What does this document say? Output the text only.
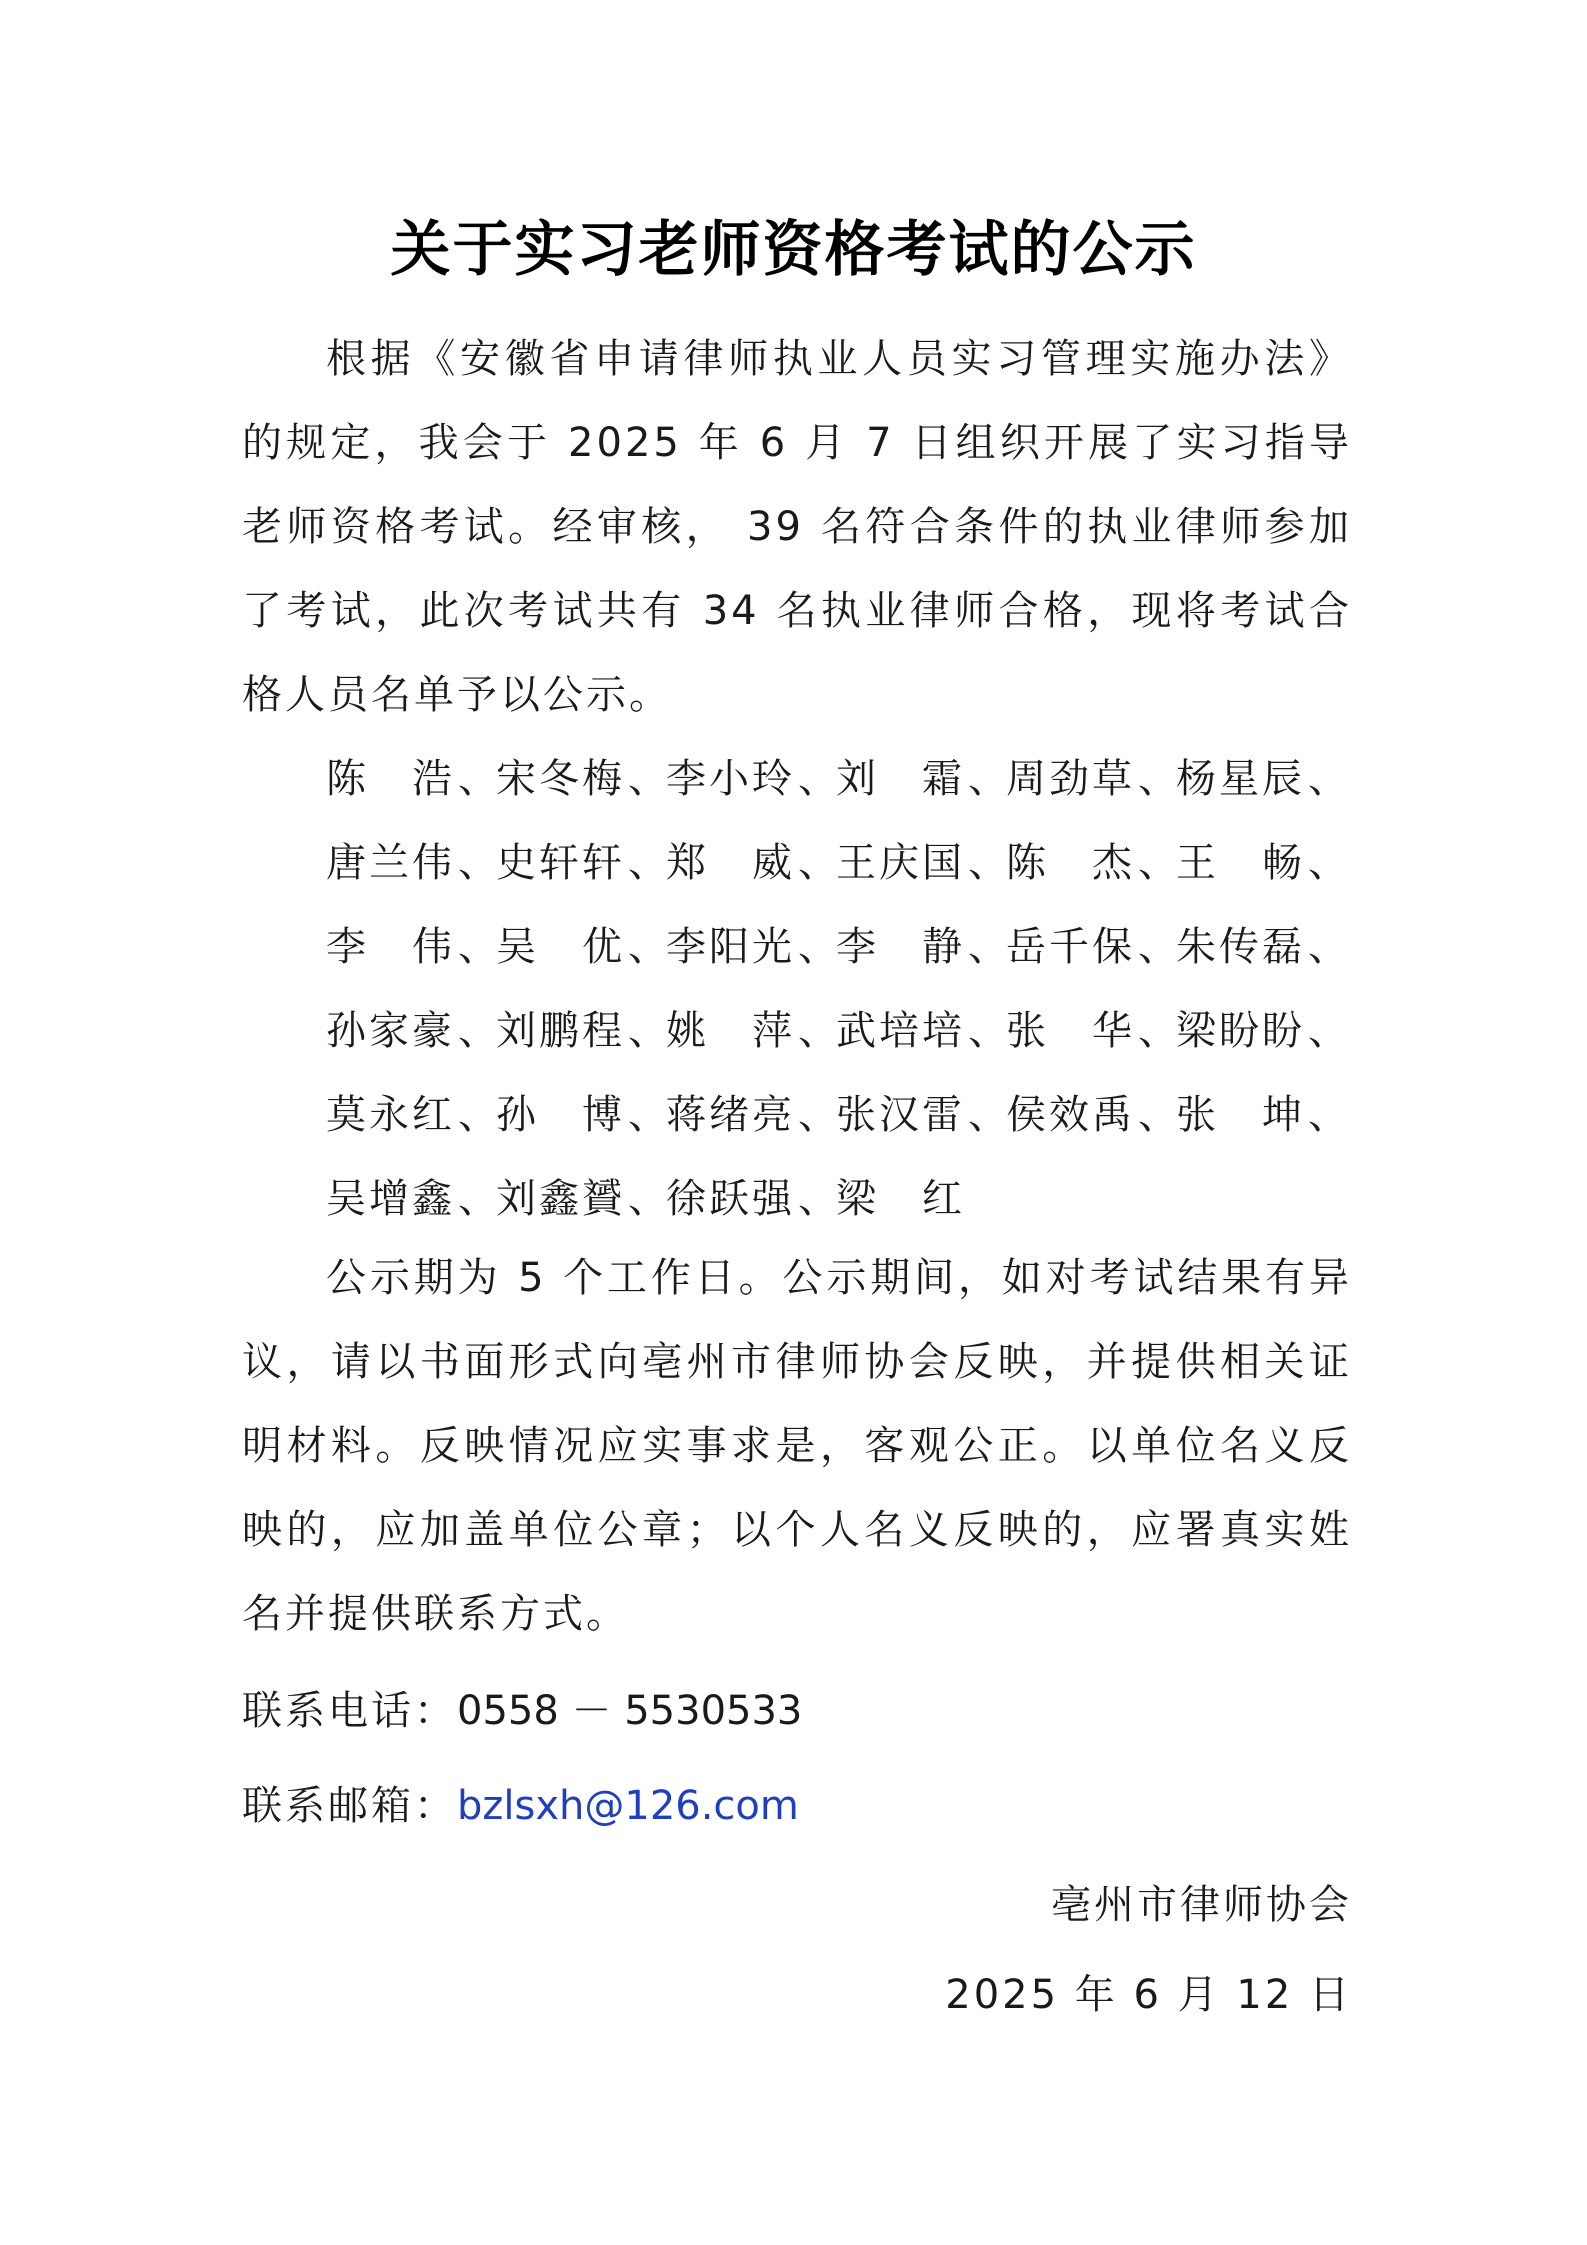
关于实习老师资格考试的公示
根据《安徽省申请律师执业人员实习管理实施办法》的规定，我会于 2025 年 6 月 7 日组织开展了实习指导老师资格考试。经审核， 39 名符合条件的执业律师参加了考试，此次考试共有 34 名执业律师合格，现将考试合格人员名单予以公示。
陈　浩、宋冬梅、李小玲、刘　霜、周劲草、杨星辰、唐兰伟、史轩轩、郑　威、王庆国、陈　杰、王　畅、李　伟、吴　优、李阳光、李　静、岳千保、朱传磊、孙家豪、刘鹏程、姚　萍、武培培、张　华、梁盼盼、莫永红、孙　博、蒋绪亮、张汉雷、侯效禹、张　坤、吴增鑫、刘鑫贇、徐跃强、梁　红
公示期为 5 个工作日。公示期间，如对考试结果有异议，请以书面形式向亳州市律师协会反映，并提供相关证明材料。反映情况应实事求是，客观公正。以单位名义反映的，应加盖单位公章；以个人名义反映的，应署真实姓名并提供联系方式。
联系电话：0558 － 5530533
联系邮箱：bzlsxh@126.com
亳州市律师协会
2025 年 6 月 12 日
